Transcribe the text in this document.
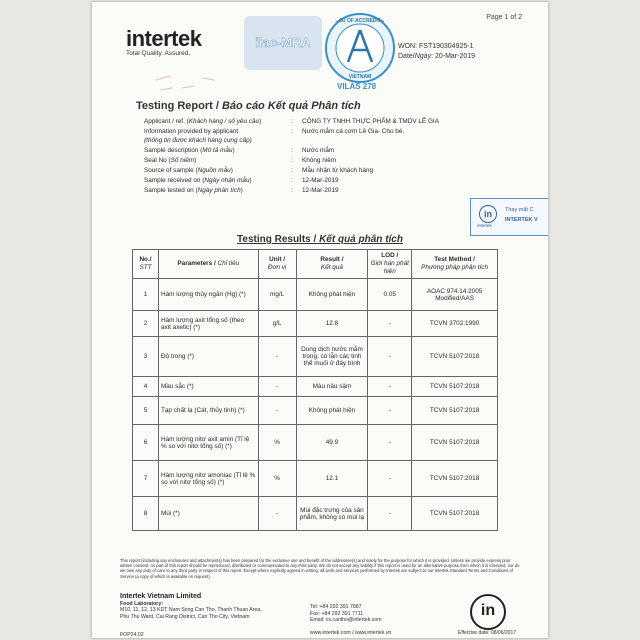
Page 1 of 2
intertek
Total Quality. Assured.
ilac-MRA
BUREAU OF ACCREDITATION
VIETNAM
VILAS 278
WON: FST190304925-1
Date/Ngày: 20-Mar-2019
Testing Report / Báo cáo Kết quả Phân tích
Applicant / ref. (Khách hàng / số yêu cầu)	: CÔNG TY TNHH THỰC PHẨM & TMDV LÊ GIA
Information provided by applicant	: Nước mắm cá cơm Lê Gia- Cho bé.
(thông tin được khách hàng cung cấp)
Sample description (Mô tả mẫu)	: Nước mắm
Seal No (Số niêm)	: Không niêm
Source of sample (Nguồn mẫu)	: Mẫu nhận từ khách hàng
Sample received on (Ngày nhận mẫu)	: 12-Mar-2019
Sample tested on (Ngày phân tích)	: 12-Mar-2019
in	Thay mặt C
INTERTEK V
intertek
Testing Results / Kết quả phân tích
No./
STT	Parameters / Chỉ tiêu	Unit /
Đơn vị	Result /
Kết quả	LOD /
Giới hạn phát hiện	Test Method /
Phương pháp phân tích
1	Hàm lượng thủy ngân (Hg) (*)	mg/L	Không phát hiện	0.05	AOAC 974.14:2005 Modified/AAS
2	Hàm lượng axit tổng số (theo axit axetic) (*)	g/L	12.8	-	TCVN 3702:1990
3	Độ trong (*)	-	Dung dịch nước mắm trong, có lẫn các tinh thể muối ở đáy bình	-	TCVN 5107:2018
4	Màu sắc (*)	-	Màu nâu sậm	-	TCVN 5107:2018
5	Tạp chất lạ (Cát, thủy tinh) (*)	-	Không phát hiện	-	TCVN 5107:2018
6	Hàm lượng nitơ axit amin (Tỉ lệ % so với nitơ tổng số) (*)	%	49.9	-	TCVN 5107:2018
7	Hàm lượng nitơ amoniac (Tỉ lệ % so với nitơ tổng số) (*)	%	12.1	-	TCVN 5107:2018
8	Mùi (*)	-	Mùi đặc trưng của sản phẩm, không có mùi lạ	-	TCVN 5107:2018
This report (including any enclosures and attachments) has been prepared for the exclusive use and benefit of the addressee(s) and solely for the purpose for which it is provided. Unless we provide express prior written consent, no part of this report should be reproduced, distributed or communicated to any third party. We do not accept any liability if this report is used for an alternative purpose from which it is intended, nor do we owe any duty of care to any third party in respect of this report. Except where explicitly agreed in writing, all work and services performed by Intertek are subject to our Intertek Standard Terms and Conditions of Service (a copy of which is available on request).
Intertek Vietnam Limited
Food Laboratory:
M10, 11, 12, 13 KDT Nam Song Can Tho, Thanh Thuan Area,
Phu Thu Ward, Cai Rang District, Can Tho City, Vietnam
Tel: +84 292 391 7887
Fax: +84 292 391 7711
Email: cs.cantho@intertek.com
www.intertek.com / www.intertek.vn
FOP24.02
in
Effective date: 08/06/2017
